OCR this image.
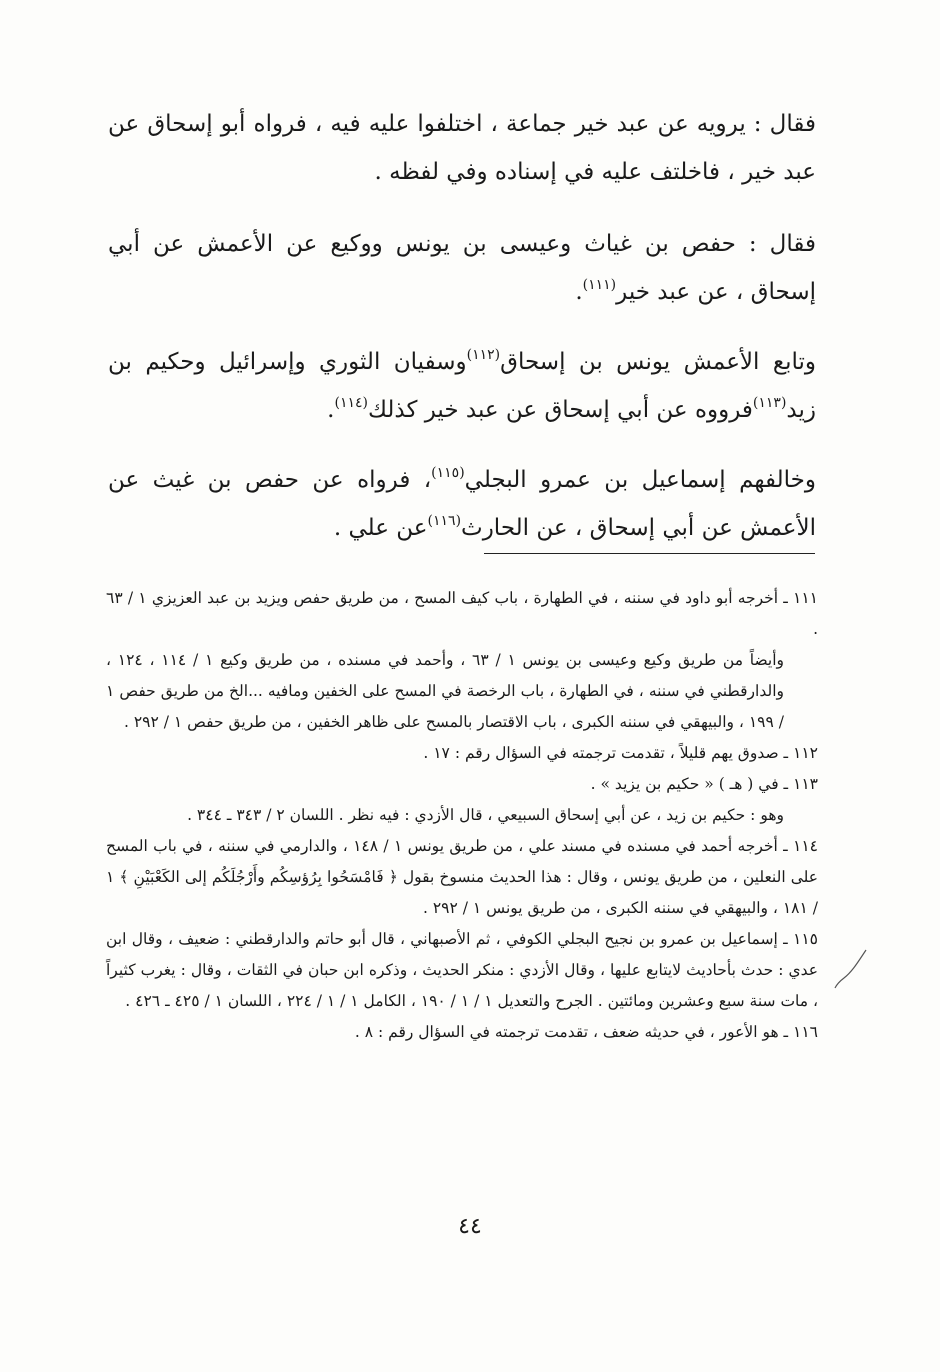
فقال : يرويه عن عبد خير جماعة ، اختلفوا عليه فيه ، فرواه أبو إسحاق عن عبد خير ، فاخلتف عليه في إسناده وفي لفظه .

فقال : حفص بن غياث وعيسى بن يونس ووكيع عن الأعمش عن أبي إسحاق ، عن عبد خير$^{(١١١)}$.

وتابع الأعمش يونس بن إسحاق$^{(١١٢)}$وسفيان الثوري وإسرائيل وحكيم بن زيد$^{(١١٣)}$فرووه عن أبي إسحاق عن عبد خير كذلك$^{(١١٤)}$.

وخالفهم إسماعيل بن عمرو البجلي$^{(١١٥)}$، فرواه عن حفص بن غيث عن الأعمش عن أبي إسحاق ، عن الحارث$^{(١١٦)}$عن علي .

١١١ ـ أخرجه أبو داود في سننه ، في الطهارة ، باب كيف المسح ، من طريق حفص ويزيد بن عبد العزيزي ١ / ٦٣ .

وأيضاً من طريق وكيع وعيسى بن يونس ١ / ٦٣ ، وأحمد في مسنده ، من طريق وكيع ١ / ١١٤ ، ١٢٤ ، والدارقطني في سننه ، في الطهارة ، باب الرخصة في المسح على الخفين ومافيه ...الخ من طريق حفص ١ / ١٩٩ ، والبيهقي في سننه الكبرى ، باب الاقتصار بالمسح على ظاهر الخفين ، من طريق حفص ١ / ٢٩٢ .

١١٢ ـ صدوق يهم قليلاً ، تقدمت ترجمته في السؤال رقم : ١٧ .

١١٣ ـ في ( هـ ) « حكيم بن يزيد » .

وهو : حكيم بن زيد ، عن أبي إسحاق السبيعي ، قال الأزدي : فيه نظر . اللسان ٢ / ٣٤٣ ـ ٣٤٤ .

١١٤ ـ أخرجه أحمد في مسنده في مسند علي ، من طريق يونس ١ / ١٤٨ ، والدارمي في سننه ، في باب المسح على النعلين ، من طريق يونس ، وقال : هذا الحديث منسوخ بقول ﴿ فَامْسَحُوا بِرُؤسِكُم وأَرْجُلَكُم إلى الكَعْبَيْنِ ﴾ ١ / ١٨١ ، والبيهقي في سننه الكبرى ، من طريق يونس ١ / ٢٩٢ .

١١٥ ـ إسماعيل بن عمرو بن نجيح البجلي الكوفي ، ثم الأصبهاني ، قال أبو حاتم والدارقطني : ضعيف ، وقال ابن عدي : حدث بأحاديث لايتابع عليها ، وقال الأزدي : منكر الحديث ، وذكره ابن حبان في الثقات ، وقال : يغرب كثيراً ، مات سنة سبع وعشرين ومائتين . الجرح والتعديل ١ / ١ / ١٩٠ ، الكامل ١ / ١ / ٢٢٤ ، اللسان ١ / ٤٢٥ ـ ٤٢٦ .

١١٦ ـ هو الأعور ، في حديثه ضعف ، تقدمت ترجمته في السؤال رقم : ٨ .

٤٤
